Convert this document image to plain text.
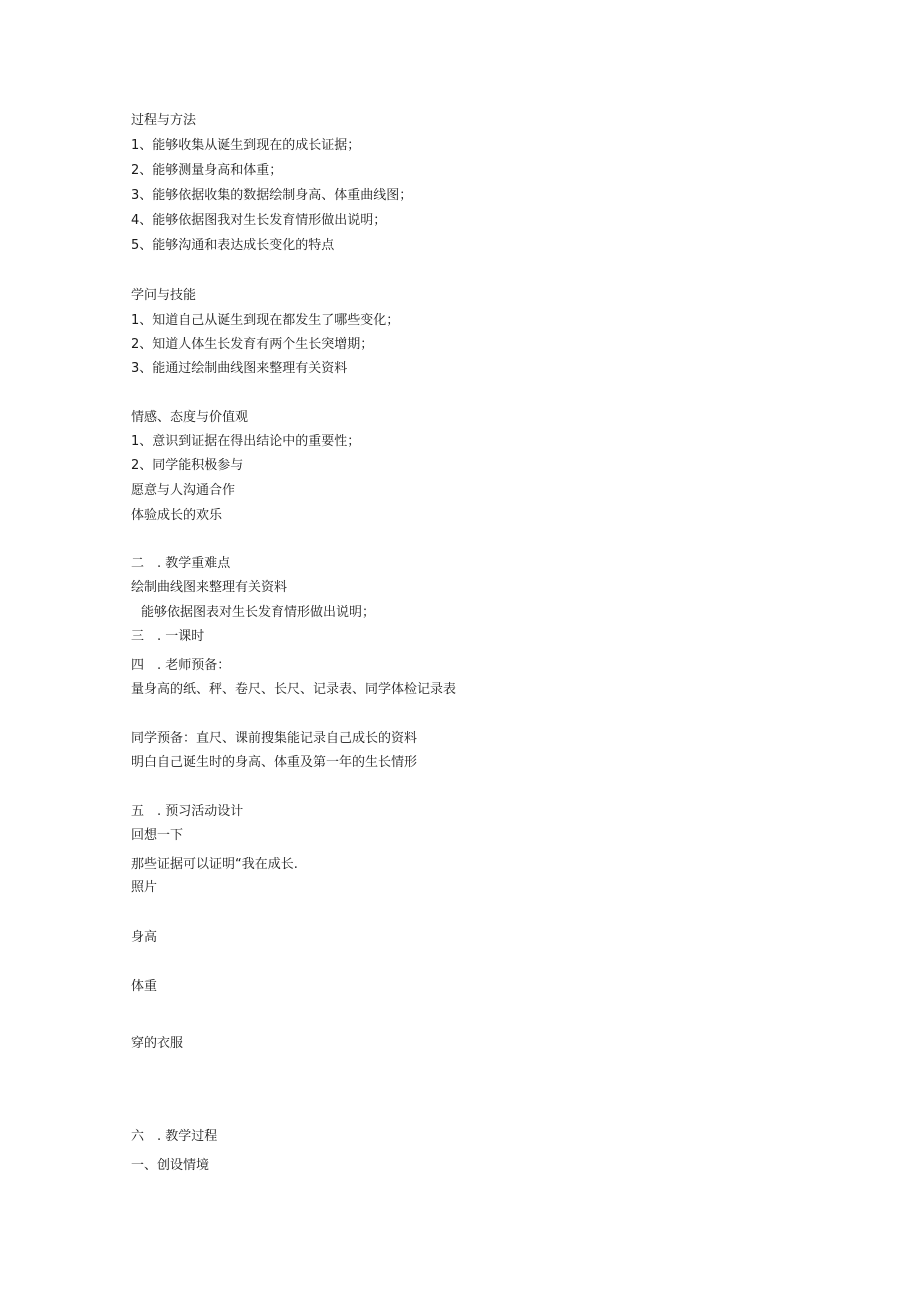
过程与方法
1、能够收集从诞生到现在的成长证据；
2、能够测量身高和体重；
3、能够依据收集的数据绘制身高、体重曲线图；
4、能够依据图我对生长发育情形做出说明；
5、能够沟通和表达成长变化的特点
学问与技能
1、知道自己从诞生到现在都发生了哪些变化；
2、知道人体生长发育有两个生长突增期；
3、能通过绘制曲线图来整理有关资料
情感、态度与价值观
1、意识到证据在得出结论中的重要性；
2、同学能积极参与
愿意与人沟通合作
体验成长的欢乐
二　. 教学重难点
绘制曲线图来整理有关资料
能够依据图表对生长发育情形做出说明；
三　. 一课时
四　. 老师预备：
量身高的纸、秤、卷尺、长尺、记录表、同学体检记录表
同学预备：直尺、课前搜集能记录自己成长的资料
明白自己诞生时的身高、体重及第一年的生长情形
五　. 预习活动设计
回想一下
那些证据可以证明“我在成长.
照片
身高
体重
穿的衣服
六　. 教学过程
一、创设情境
